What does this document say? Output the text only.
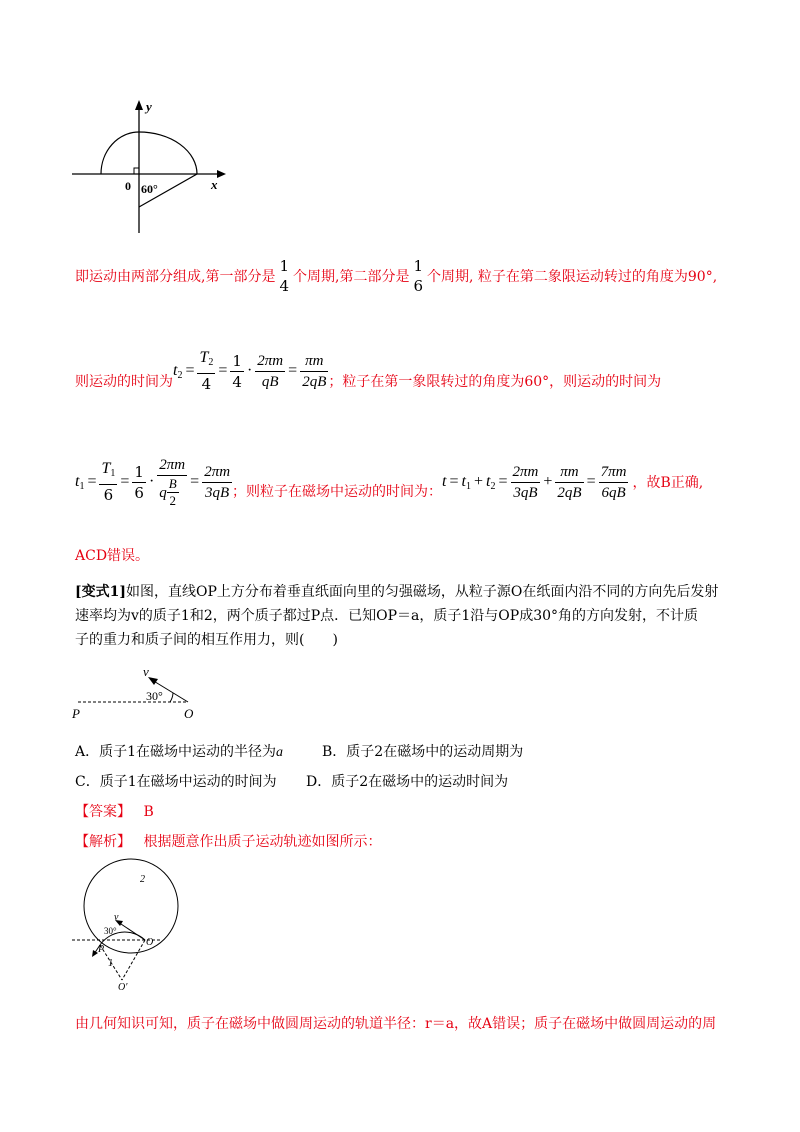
y
x
0 60°
即运动由两部分组成,第一部分是
1
4 个周期,第二部分是
1
6 个周期, 粒子在第二象限运动转过的角度为90°,
则运动的时间为
$t_2 = \frac{T_2}{4} = \frac{1}{4} \cdot \frac{2\pi m}{qB} = \frac{\pi m}{2qB}$ ；粒子在第一象限转过的角度为60°，则运动的时间为
$t_1 = \frac{T_1}{6} = \frac{1}{6} \cdot \frac{2\pi m}{q \frac{B}{2}} = \frac{2\pi m}{3qB}$ ；则粒子在磁场中运动的时间为：
$t = t_1 + t_2 = \frac{2\pi m}{3qB} + \frac{\pi m}{2qB} = \frac{7\pi m}{6qB}$ ，故B正确,
ACD错误。
[变式1]如图，直线OP上方分布着垂直纸面向里的匀强磁场，从粒子源O在纸面内沿不同的方向先后发射
速率均为v的质子1和2，两个质子都过P点．已知OP＝a，质子1沿与OP成30°角的方向发射，不计质
子的重力和质子间的相互作用力，则(　　)
v
30°
P	O
A．质子1在磁场中运动的半径为a	B．质子2在磁场中的运动周期为
C．质子1在磁场中运动的时间为 D．质子2在磁场中的运动时间为
【答案】 B
【解析】 根据题意作出质子运动轨迹如图所示：
2
v
30°
P
O
1
O′
由几何知识可知，质子在磁场中做圆周运动的轨道半径：r＝a，故A错误；质子在磁场中做圆周运动的周
